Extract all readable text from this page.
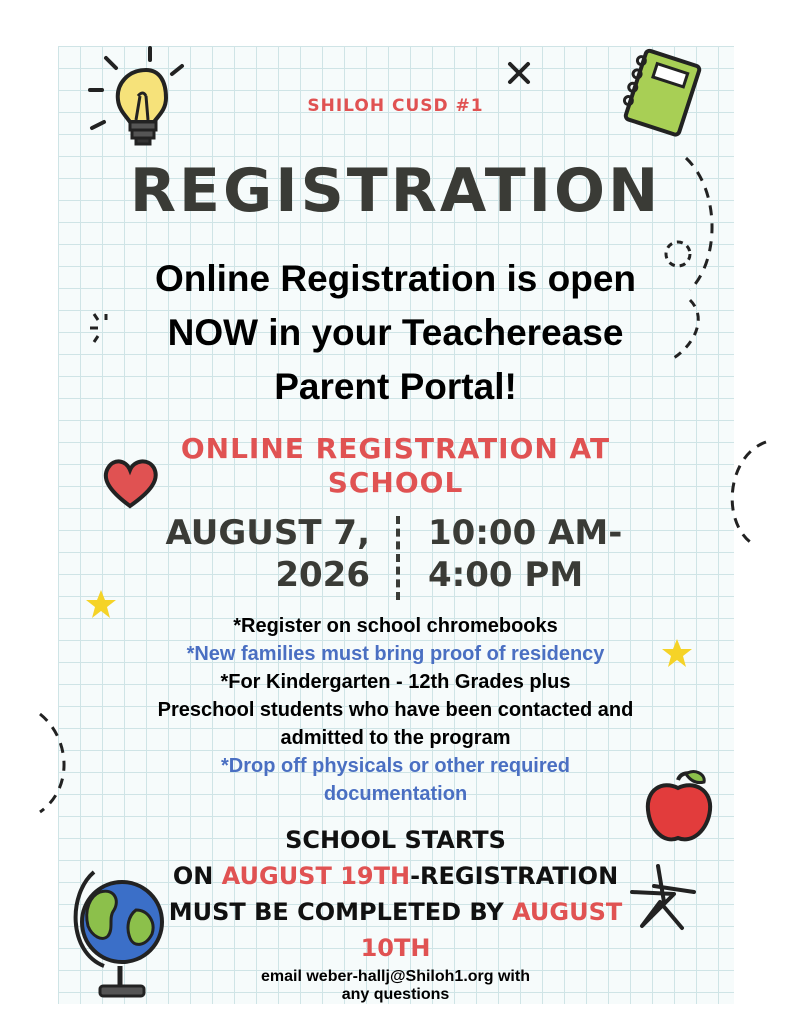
SHILOH CUSD #1

REGISTRATION

Online Registration is open
NOW in your Teacherease
Parent Portal!
ONLINE REGISTRATION AT
SCHOOL
AUGUST 7,
2026
10:00 AM-
4:00 PM
*Register on school chromebooks
*New families must bring proof of residency
*For Kindergarten - 12th Grades plus
Preschool students who have been contacted and
admitted to the program
*Drop off physicals or other required
documentation
SCHOOL STARTS
ON AUGUST 19TH-REGISTRATION
MUST BE COMPLETED BY AUGUST
10TH
email weber-hallj@Shiloh1.org with
any questions
